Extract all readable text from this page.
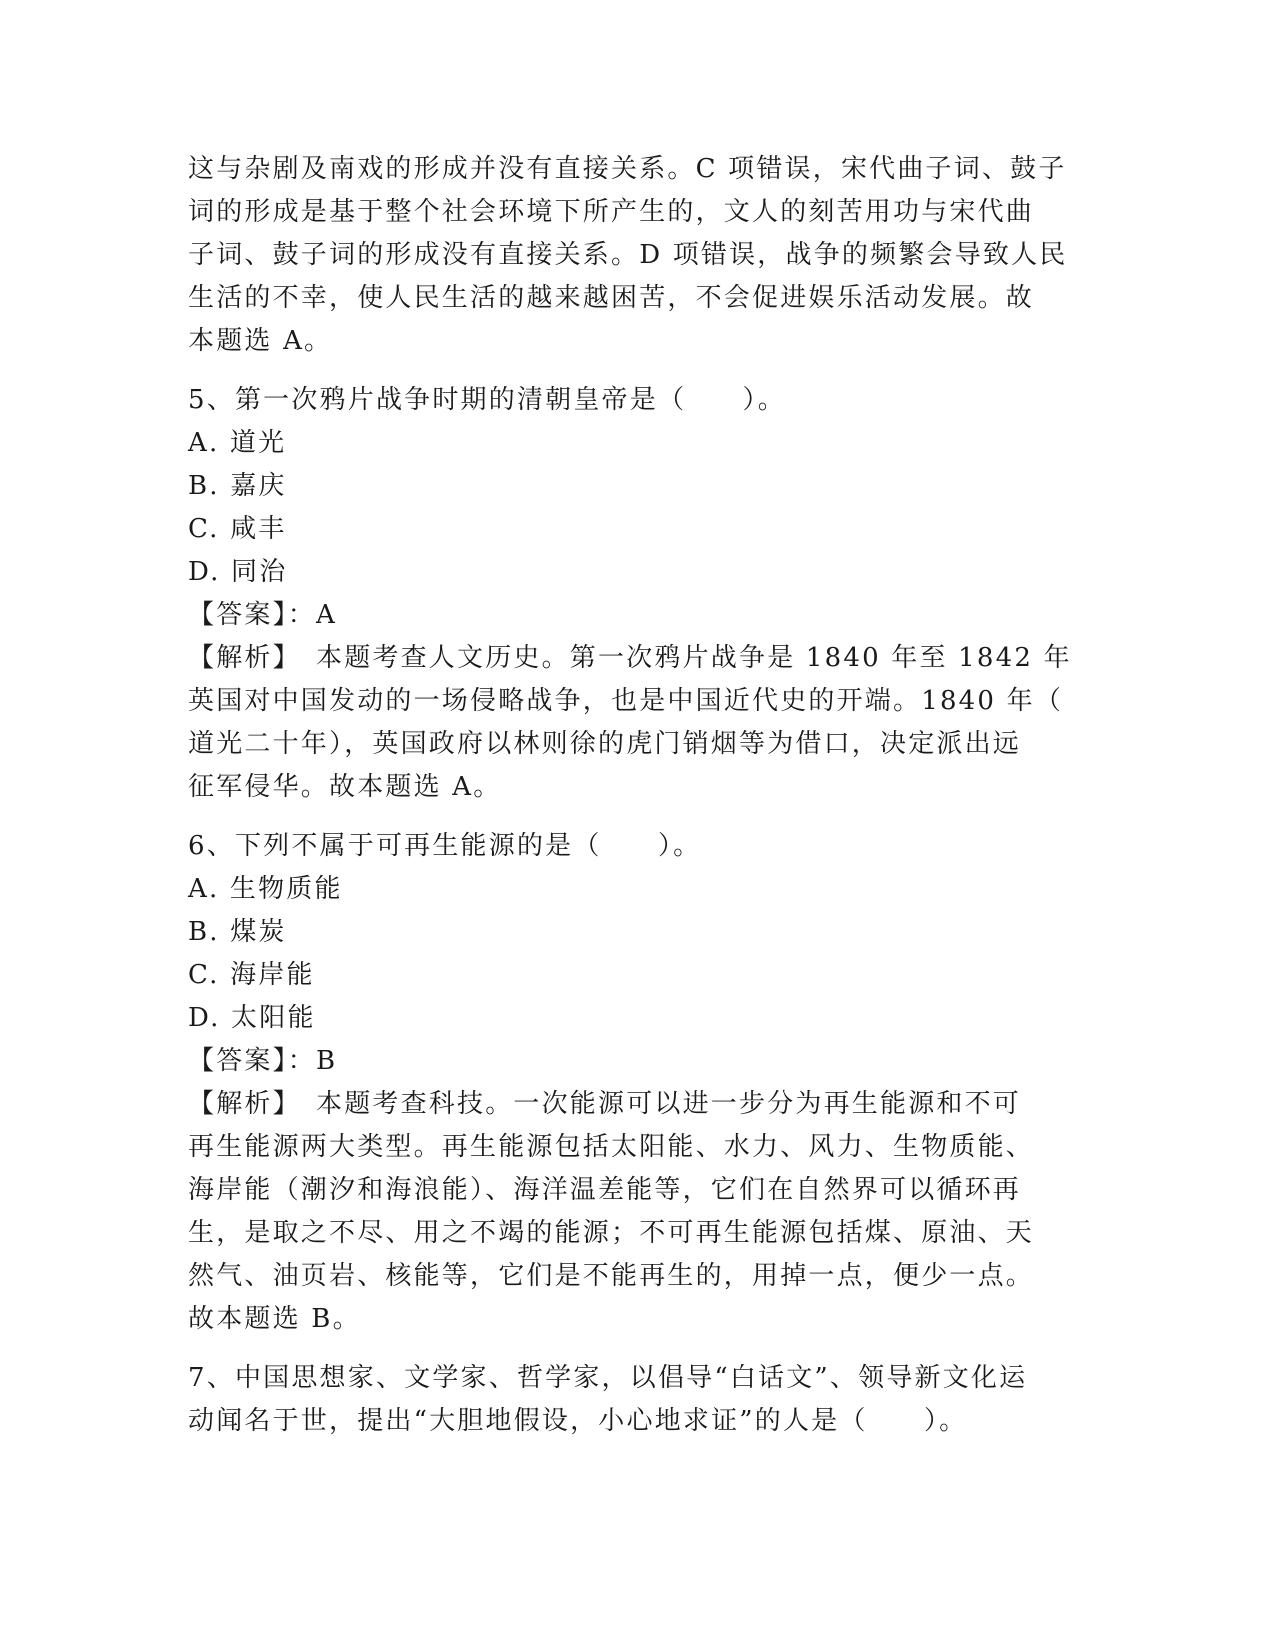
这与杂剧及南戏的形成并没有直接关系。C 项错误，宋代曲子词、鼓子
词的形成是基于整个社会环境下所产生的，文人的刻苦用功与宋代曲
子词、鼓子词的形成没有直接关系。D 项错误，战争的频繁会导致人民
生活的不幸，使人民生活的越来越困苦，不会促进娱乐活动发展。故
本题选 A。
5、第一次鸦片战争时期的清朝皇帝是（　　）。
A. 道光
B. 嘉庆
C. 咸丰
D. 同治
【答案】：A
【解析】　本题考查人文历史。第一次鸦片战争是 1840 年至 1842 年
英国对中国发动的一场侵略战争，也是中国近代史的开端。1840 年（
道光二十年），英国政府以林则徐的虎门销烟等为借口，决定派出远
征军侵华。故本题选 A。
6、下列不属于可再生能源的是（　　）。
A. 生物质能
B. 煤炭
C. 海岸能
D. 太阳能
【答案】：B
【解析】　本题考查科技。一次能源可以进一步分为再生能源和不可
再生能源两大类型。再生能源包括太阳能、水力、风力、生物质能、
海岸能（潮汐和海浪能）、海洋温差能等，它们在自然界可以循环再
生，是取之不尽、用之不竭的能源；不可再生能源包括煤、原油、天
然气、油页岩、核能等，它们是不能再生的，用掉一点，便少一点。
故本题选 B。
7、中国思想家、文学家、哲学家，以倡导“白话文”、领导新文化运
动闻名于世，提出“大胆地假设，小心地求证”的人是（　　）。
